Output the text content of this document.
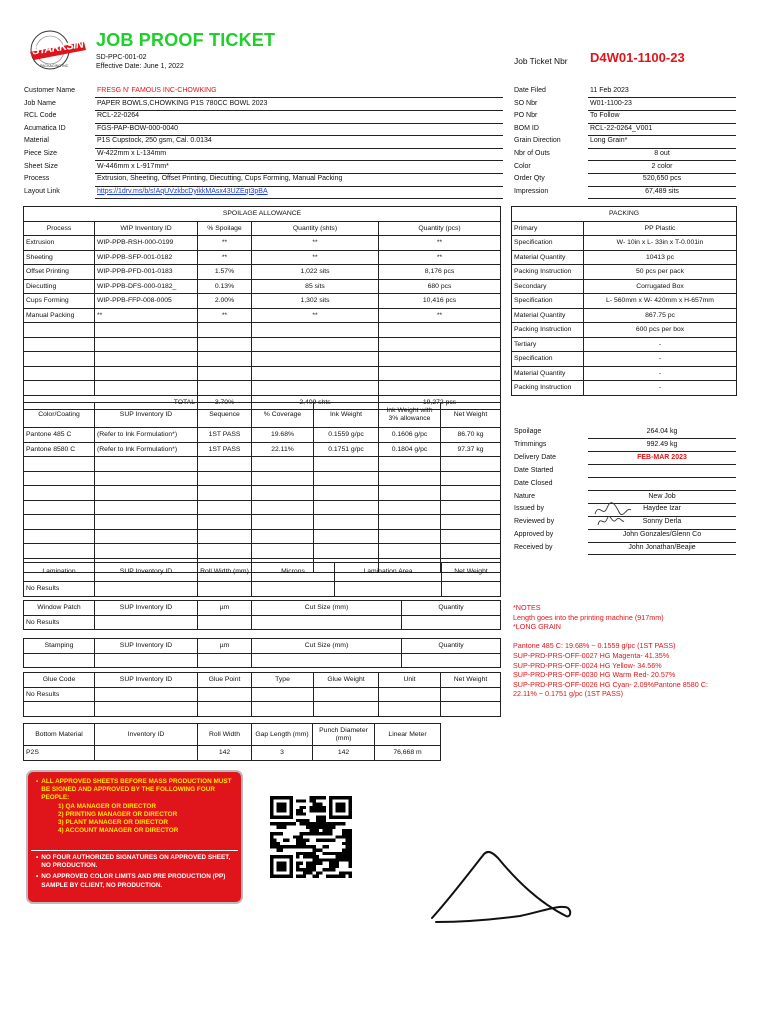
STARKSIN
PACKAGING INC
JOB PROOF TICKET
SD-PPC-001-02
Effective Date: June 1, 2022
Job Ticket Nbr D4W01-1100-23
Customer Name	FRESG N' FAMOUS INC-CHOWKING
Job Name	PAPER BOWLS,CHOWKING P1S 780CC BOWL 2023
RCL Code	RCL-22-0264
Acumatica ID	FGS-PAP-BOW-000-0040
Material	P1S Cupstock, 250 gsm, Cal. 0.0134
Piece Size	W-422mm x L-134mm
Sheet Size	W-446mm x L-917mm*
Process	Extrusion, Sheeting, Offset Printing, Diecutting, Cups Forming, Manual Packing
Layout Link	https://1drv.ms/b/s!AqUVzkbcDyikkMAsx43UZEqt3pBA
Date Filed	11 Feb 2023
SO Nbr	W01-1100-23
PO Nbr	To Follow
BOM ID	RCL-22-0264_V001
Grain Direction	Long Grain*
Nbr of Outs	8 out
Color	2 color
Order Qty	520,650 pcs
Impression	67,489 sits
SPOILAGE ALLOWANCE				
Process	WIP Inventory ID	% Spoilage	Quantity (shts)	Quantity (pcs)
Extrusion	WIP-PPB-RSH-000-0199	**	**	**
Sheeting	WIP-PPB-SFP-001-0182	**	**	**
Offset Printing	WIP-PPB-PFD-001-0183	1.57%	1,022 sits	8,176 pcs
Diecutting	WIP-PPB-DFS-000-0182_	0.13%	85 sits	680 pcs
Cups Forming	WIP-PPB-FFP-008-0005	2.00%	1,302 sits	10,416 pcs
Manual Packing	**	**	**	**

TOTAL		3.70%	2,409 shts	19,272 pcs
PACKING	
Primary	PP Plastic
Specification	W- 10in x L- 33in x T-0.001in
Material Quantity	10413 pc
Packing Instruction	50 pcs per pack
Secondary	Corrugated Box
Specification	L- 560mm x W- 420mm x H-657mm
Material Quantity	867.75 pc
Packing Instruction	600 pcs per box
Tertiary	-
Specification	-
Material Quantity	-
Packing Instruction	-
Color/Coating	SUP Inventory ID	Sequence	% Coverage	Ink Weight	Ink Weight with 3% allowance	Net Weight
Pantone 485 C	(Refer to Ink Formulation*)	1ST PASS	19.68%	0.1559 g/pc	0.1606 g/pc	86.70 kg
Pantone 8580 C	(Refer to Ink Formulation*)	1ST PASS	22.11%	0.1751 g/pc	0.1804 g/pc	97.37 kg

Spoilage	264.04 kg
Trimmings	992.49 kg
Delivery Date	FEB-MAR 2023
Date Started
Date Closed
Nature	New Job
Issued by	Haydee Izar
Reviewed by	Sonny Derla
Approved by	John Gonzales/Glenn Co
Received by	John Jonathan/Beajie
Lamination	SUP Inventory ID	Roll Width (mm)	Microns	Lamination Area	Net Weight
No Results					
Window Patch	SUP Inventory ID	µm	Cut Size (mm)	Quantity
No Results				
Stamping	SUP Inventory ID	µm	Cut Size (mm)	Quantity

Glue Code	SUP Inventory ID	Glue Point	Type	Glue Weight	Unit	Net Weight
No Results						

Bottom Material	Inventory ID	Roll Width	Gap Length (mm)	Punch Diameter (mm)	Linear Meter
P2S		142	3	142	76,668 m
*NOTES
Length goes into the printing machine (917mm)
*LONG GRAIN
Pantone 485 C: 19.68% ~ 0.1559 g/pc (1ST PASS)
SUP-PRD-PRS-OFF-0027 HG Magenta- 41.35%
SUP-PRD-PRS-OFF-0024 HG Yellow- 34.56%
SUP-PRD-PRS-OFF-0030 HG Warm Red- 20.57%
SUP-PRD-PRS-OFF-0026 HG Cyan- 2.09%Pantone 8580 C:
22.11% ~ 0.1751 g/pc (1ST PASS)
• ALL APPROVED SHEETS BEFORE MASS PRODUCTION MUST BE SIGNED AND APPROVED BY THE FOLLOWING FOUR PEOPLE:
1) QA MANAGER OR DIRECTOR
2) PRINTING MANAGER OR DIRECTOR
3) PLANT MANAGER OR DIRECTOR
4) ACCOUNT MANAGER OR DIRECTOR
• NO FOUR AUTHORIZED SIGNATURES ON APPROVED SHEET, NO PRODUCTION.
• NO APPROVED COLOR LIMITS AND PRE PRODUCTION (PP) SAMPLE BY CLIENT, NO PRODUCTION.
